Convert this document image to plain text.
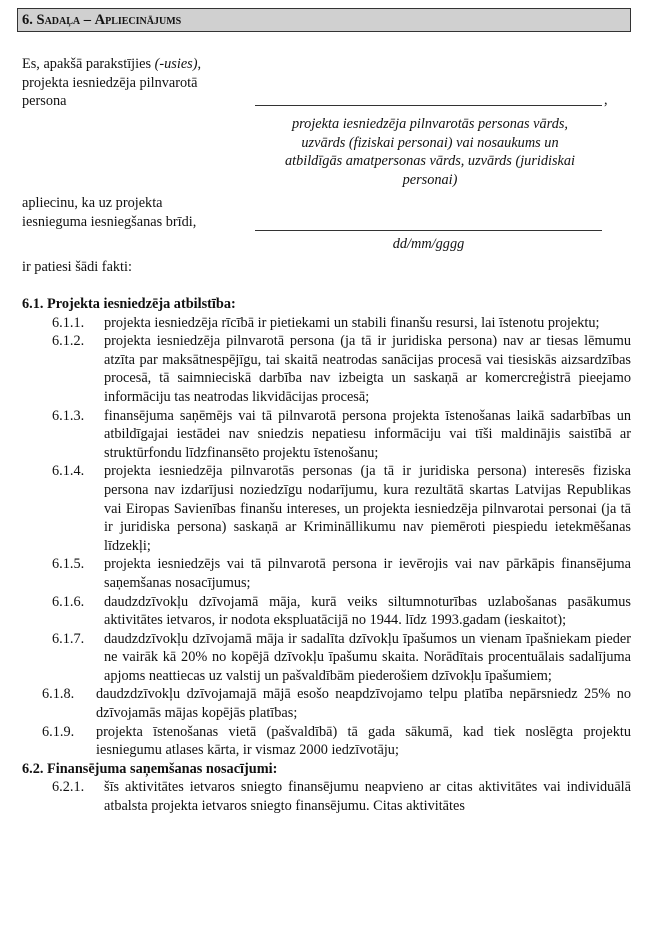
6. Sadaļa – Apliecinājums
Es, apakšā parakstījies (-usies),
projekta iesniedzēja pilnvarotā
persona	,
projekta iesniedzēja pilnvarotās personas vārds,
uzvārds (fiziskai personai) vai nosaukums un
atbildīgās amatpersonas vārds, uzvārds (juridiskai
personai)
apliecinu, ka uz projekta
iesnieguma iesniegšanas brīdi,
dd/mm/gggg
ir patiesi šādi fakti:
6.1. Projekta iesniedzēja atbilstība:
6.1.1. projekta iesniedzēja rīcībā ir pietiekami un stabili finanšu resursi, lai īstenotu projektu;
6.1.2. projekta iesniedzēja pilnvarotā persona (ja tā ir juridiska persona) nav ar tiesas lēmumu atzīta par maksātnespējīgu, tai skaitā neatrodas sanācijas procesā vai tiesiskās aizsardzības procesā, tā saimnieciskā darbība nav izbeigta un saskaņā ar komercreģistrā pieejamo informāciju tas neatrodas likvidācijas procesā;
6.1.3. finansējuma saņēmējs vai tā pilnvarotā persona projekta īstenošanas laikā sadarbības un atbildīgajai iestādei nav sniedzis nepatiesu informāciju vai tīši maldinājis saistībā ar struktūrfondu līdzfinansēto projektu īstenošanu;
6.1.4. projekta iesniedzēja pilnvarotās personas (ja tā ir juridiska persona) interesēs fiziska persona nav izdarījusi noziedzīgu nodarījumu, kura rezultātā skartas Latvijas Republikas vai Eiropas Savienības finanšu intereses, un projekta iesniedzēja pilnvarotai personai (ja tā ir juridiska persona) saskaņā ar Krimināllikumu nav piemēroti piespiedu ietekmēšanas līdzekļi;
6.1.5. projekta iesniedzējs vai tā pilnvarotā persona ir ievērojis vai nav pārkāpis finansējuma saņemšanas nosacījumus;
6.1.6. daudzdzīvokļu dzīvojamā māja, kurā veiks siltumnoturības uzlabošanas pasākumus aktivitātes ietvaros, ir nodota ekspluatācijā no 1944. līdz 1993.gadam (ieskaitot);
6.1.7. daudzdzīvokļu dzīvojamā māja ir sadalīta dzīvokļu īpašumos un vienam īpašniekam pieder ne vairāk kā 20% no kopējā dzīvokļu īpašumu skaita. Norādītais procentuālais sadalījuma apjoms neattiecas uz valstij un pašvaldībām piederošiem dzīvokļu īpašumiem;
6.1.8. daudzdzīvokļu dzīvojamajā mājā esošo neapdzīvojamo telpu platība nepārsniedz 25% no dzīvojamās mājas kopējās platības;
6.1.9. projekta īstenošanas vietā (pašvaldībā) tā gada sākumā, kad tiek noslēgta projektu iesniegumu atlases kārta, ir vismaz 2000 iedzīvotāju;
6.2. Finansējuma saņemšanas nosacījumi:
6.2.1. šīs aktivitātes ietvaros sniegto finansējumu neapvieno ar citas aktivitātes vai individuālā atbalsta projekta ietvaros sniegto finansējumu. Citas aktivitātes
